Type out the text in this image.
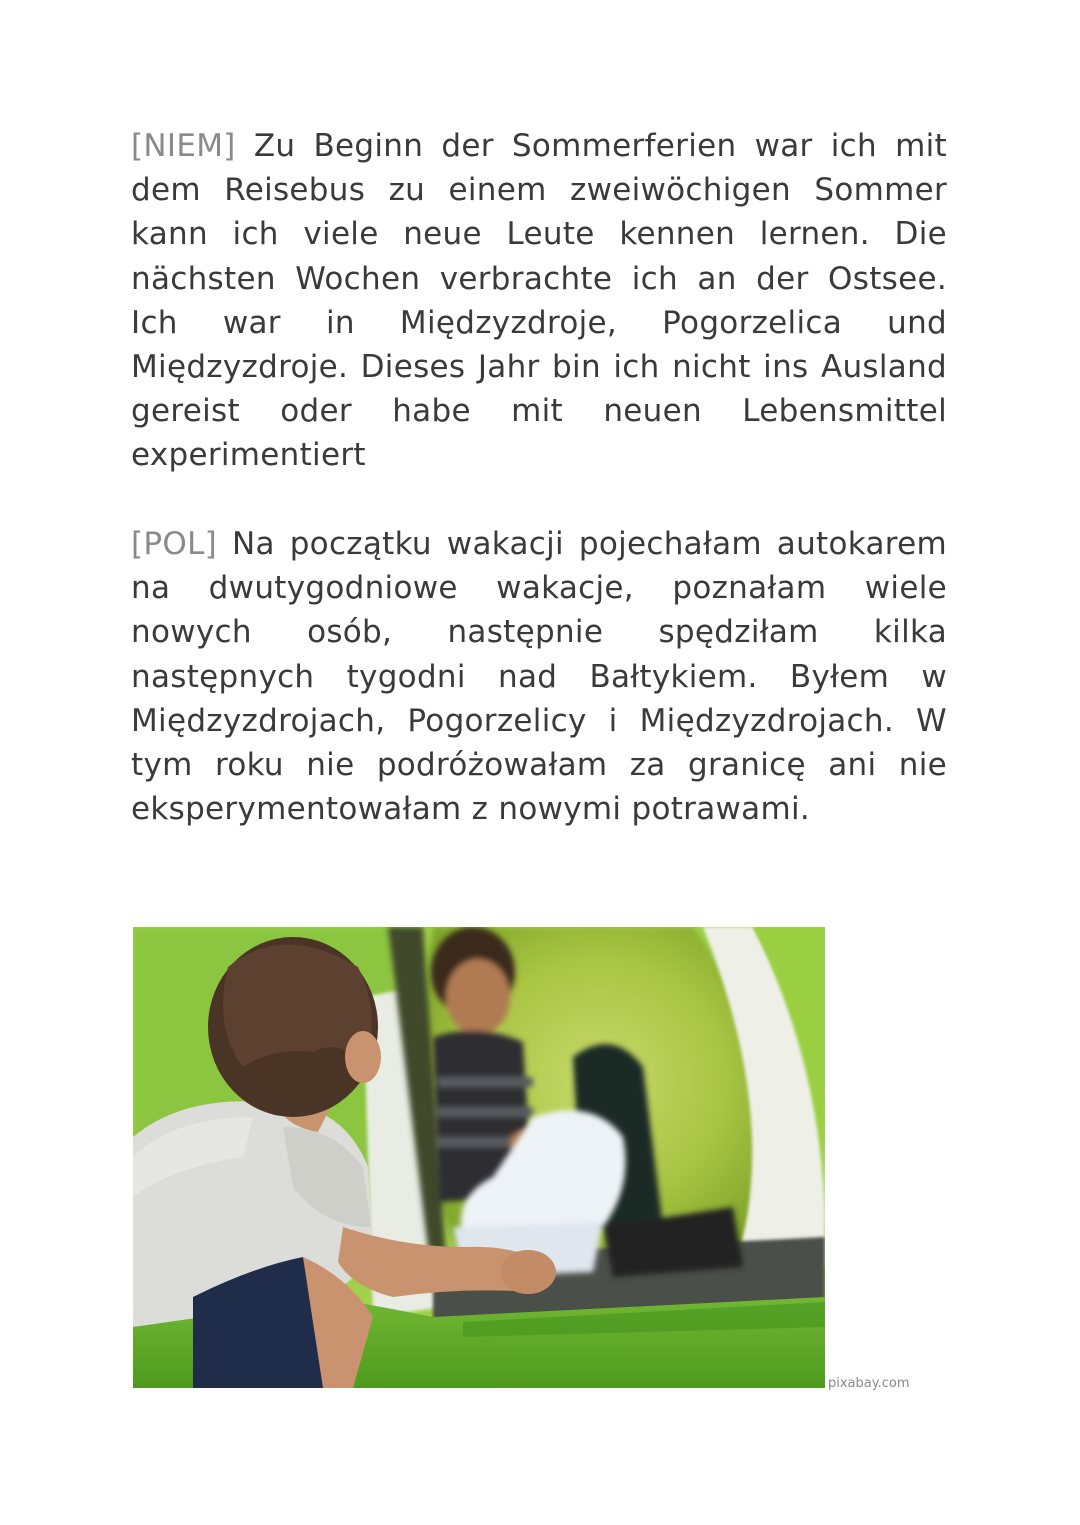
[NIEM] Zu Beginn der Sommerferien war ich mit dem Reisebus zu einem zweiwöchigen Sommer kann ich viele neue Leute kennen lernen. Die nächsten Wochen verbrachte ich an der Ostsee. Ich war in Międzyzdroje, Pogorzelica und Międzyzdroje. Dieses Jahr bin ich nicht ins Ausland gereist oder habe mit neuen Lebensmittel experimentiert

[POL] Na początku wakacji pojechałam autokarem na dwutygodniowe wakacje, poznałam wiele nowych osób, następnie spędziłam kilka następnych tygodni nad Bałtykiem. Byłem w Międzyzdrojach, Pogorzelicy i Międzyzdrojach. W tym roku nie podróżowałam za granicę ani nie eksperymentowałam z nowymi potrawami.

pixabay.com
